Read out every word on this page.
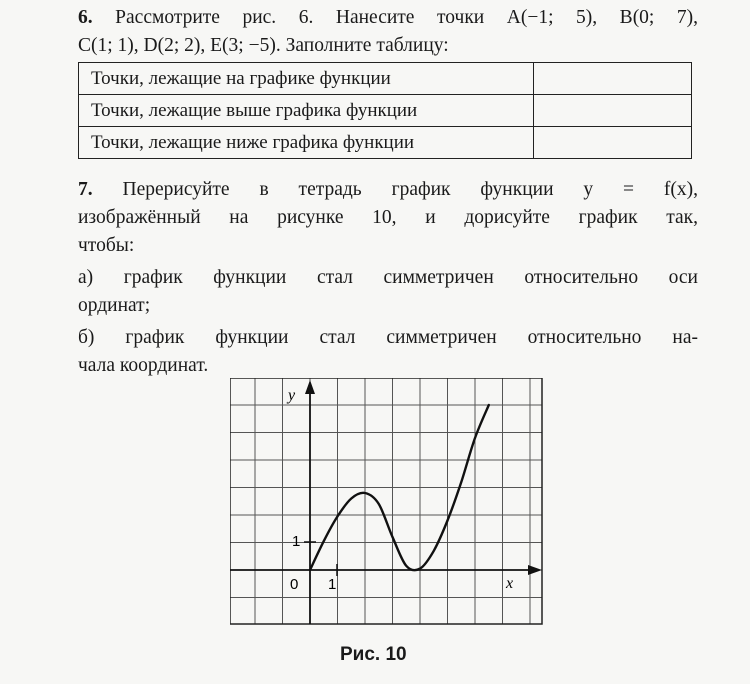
6. Рассмотрите рис. 6. Нанесите точки A(−1; 5), B(0; 7),
C(1; 1), D(2; 2), E(3; −5). Заполните таблицу:
Точки, лежащие на графике функции	
Точки, лежащие выше графика функции	
Точки, лежащие ниже графика функции	
7. Перерисуйте в тетрадь график функции y = f(x),
изображённый на рисунке 10, и дорисуйте график так,
чтобы:
а) график функции стал симметричен относительно оси
ординат;
б) график функции стал симметричен относительно на-
чала координат.
y
x
0 1
1
Рис. 10
